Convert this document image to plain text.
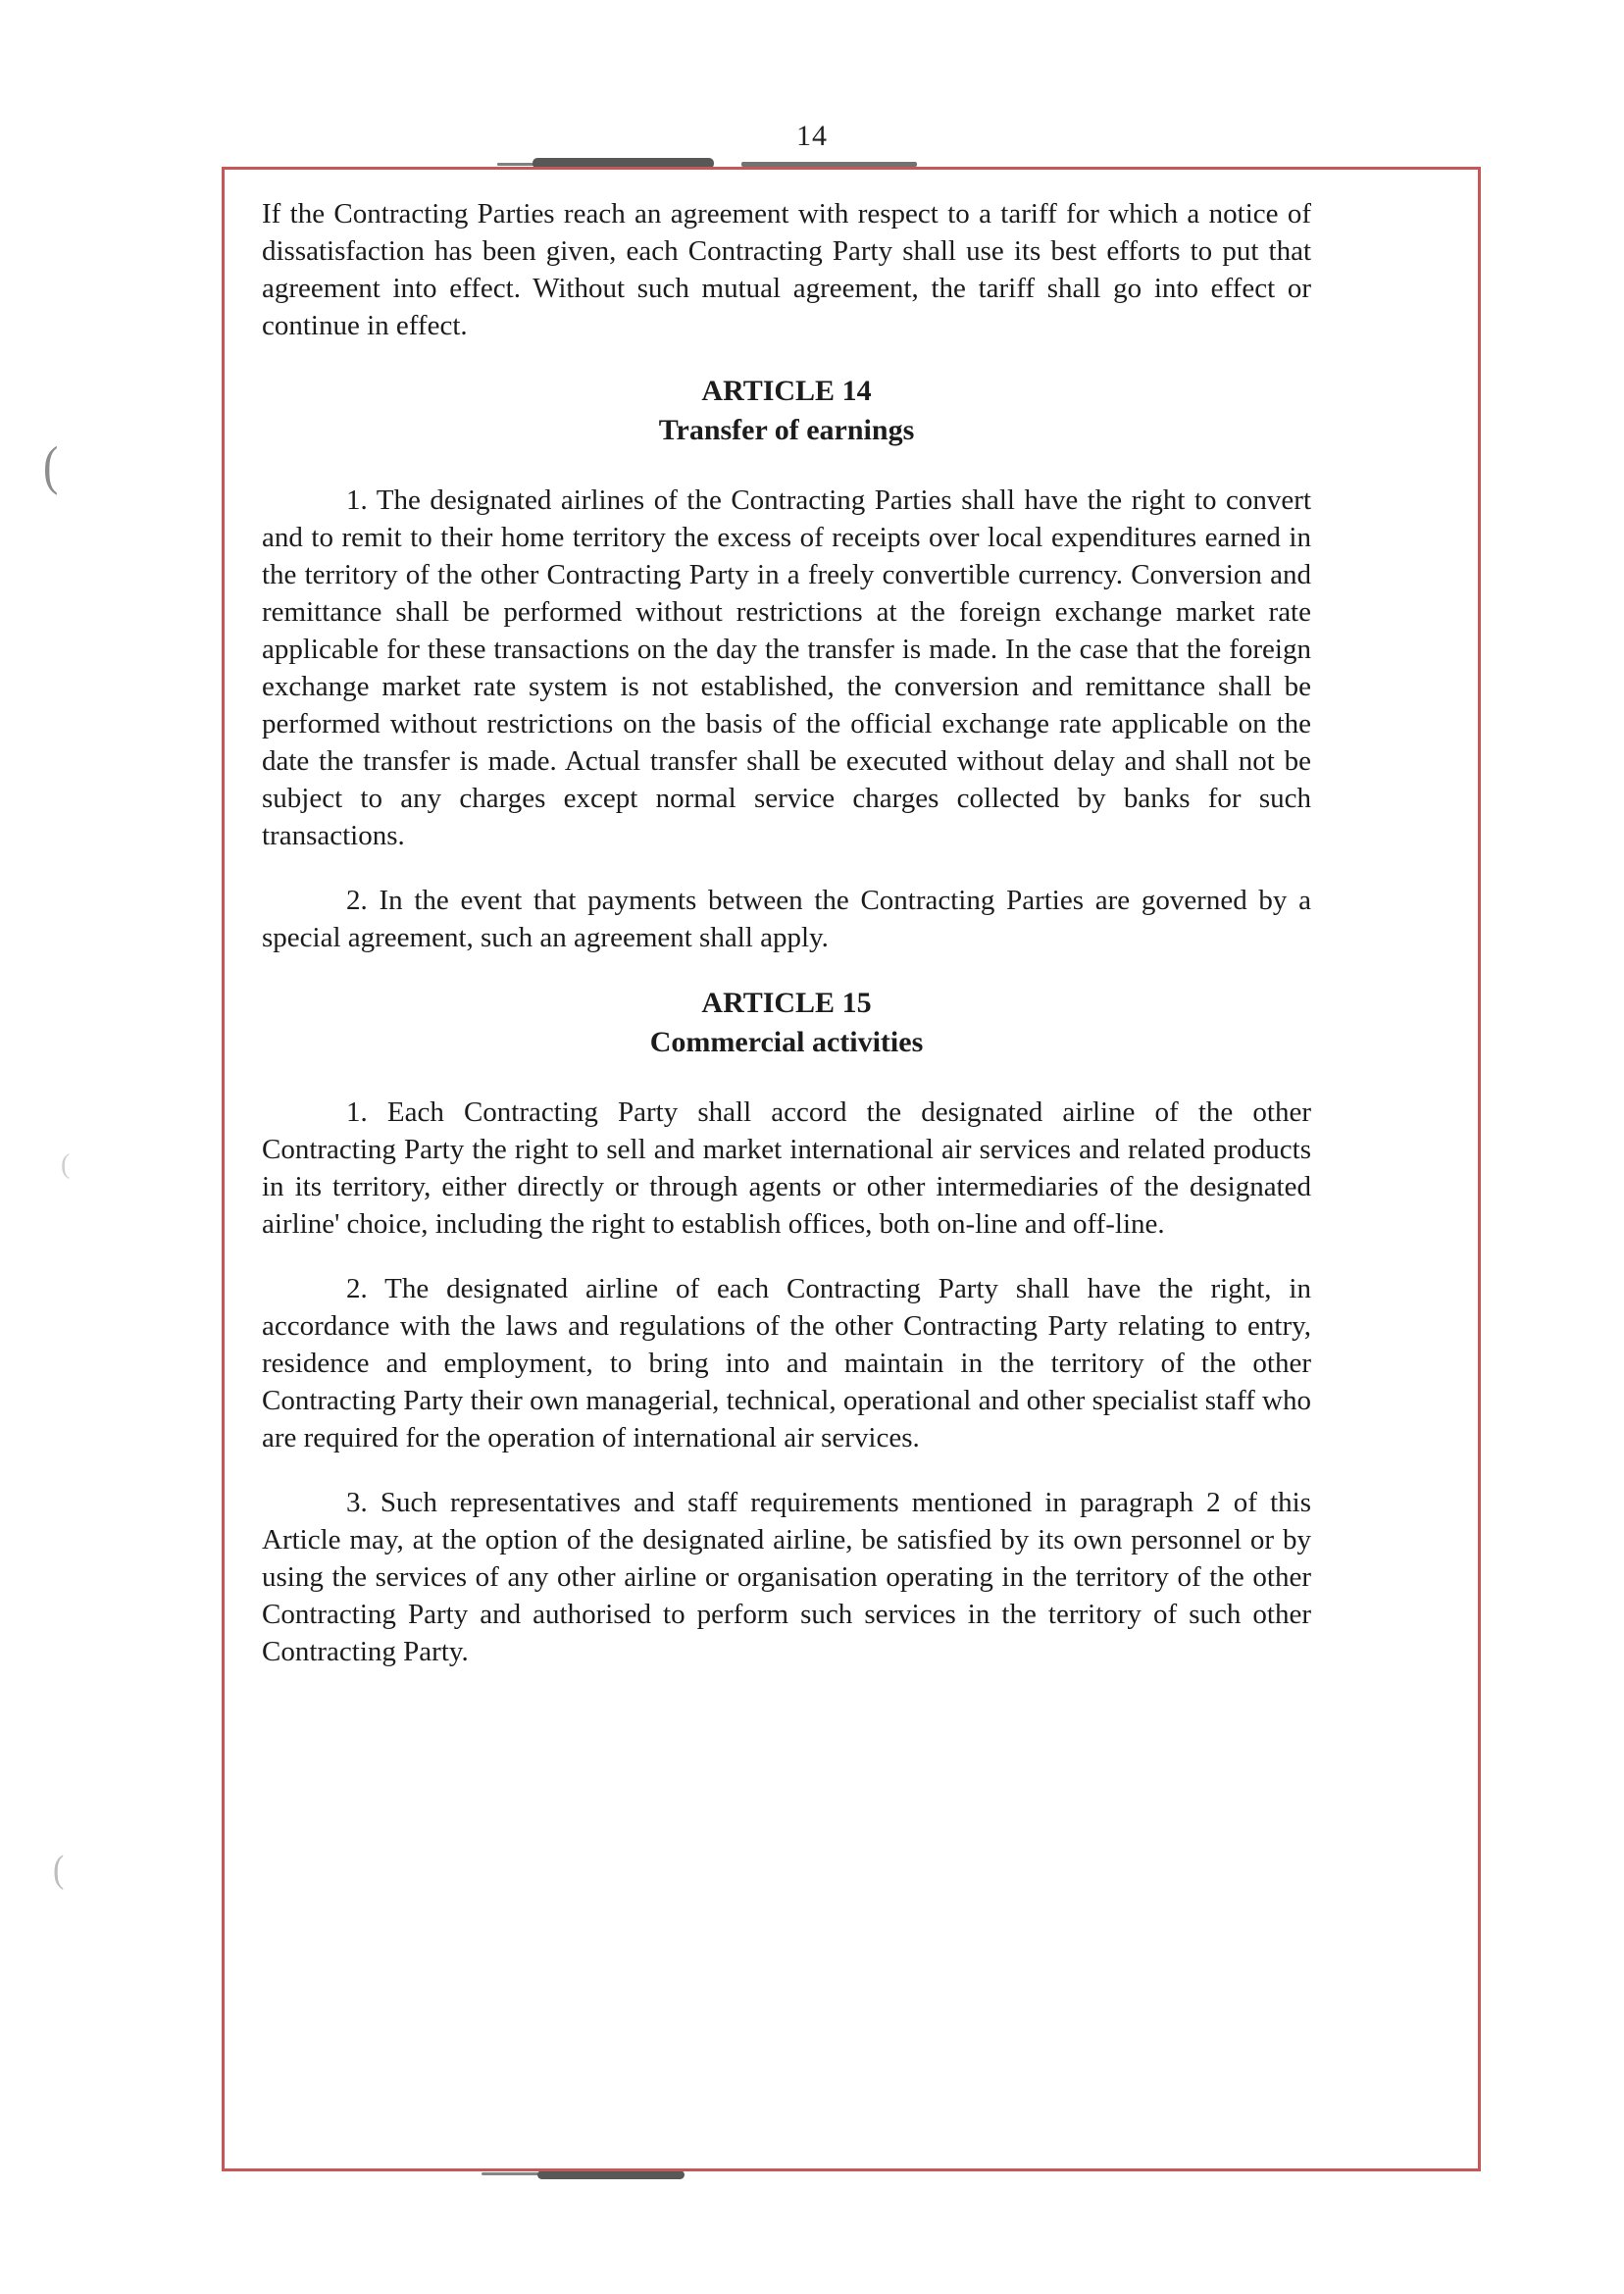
14
(
(
(

If the Contracting Parties reach an agreement with respect to a tariff for which a notice of dissatisfaction has been given, each Contracting Party shall use its best efforts to put that agreement into effect. Without such mutual agreement, the tariff shall go into effect or continue in effect.

ARTICLE 14
Transfer of earnings

1. The designated airlines of the Contracting Parties shall have the right to convert and to remit to their home territory the excess of receipts over local expenditures earned in the territory of the other Contracting Party in a freely convertible currency. Conversion and remittance shall be performed without restrictions at the foreign exchange market rate applicable for these transactions on the day the transfer is made. In the case that the foreign exchange market rate system is not established, the conversion and remittance shall be performed without restrictions on the basis of the official exchange rate applicable on the date the transfer is made. Actual transfer shall be executed without delay and shall not be subject to any charges except normal service charges collected by banks for such transactions.

2. In the event that payments between the Contracting Parties are governed by a special agreement, such an agreement shall apply.

ARTICLE 15
Commercial activities

1. Each Contracting Party shall accord the designated airline of the other Contracting Party the right to sell and market international air services and related products in its territory, either directly or through agents or other intermediaries of the designated airline' choice, including the right to establish offices, both on-line and off-line.

2. The designated airline of each Contracting Party shall have the right, in accordance with the laws and regulations of the other Contracting Party relating to entry, residence and employment, to bring into and maintain in the territory of the other Contracting Party their own managerial, technical, operational and other specialist staff who are required for the operation of international air services.

3. Such representatives and staff requirements mentioned in paragraph 2 of this Article may, at the option of the designated airline, be satisfied by its own personnel or by using the services of any other airline or organisation operating in the territory of the other Contracting Party and authorised to perform such services in the territory of such other Contracting Party.
